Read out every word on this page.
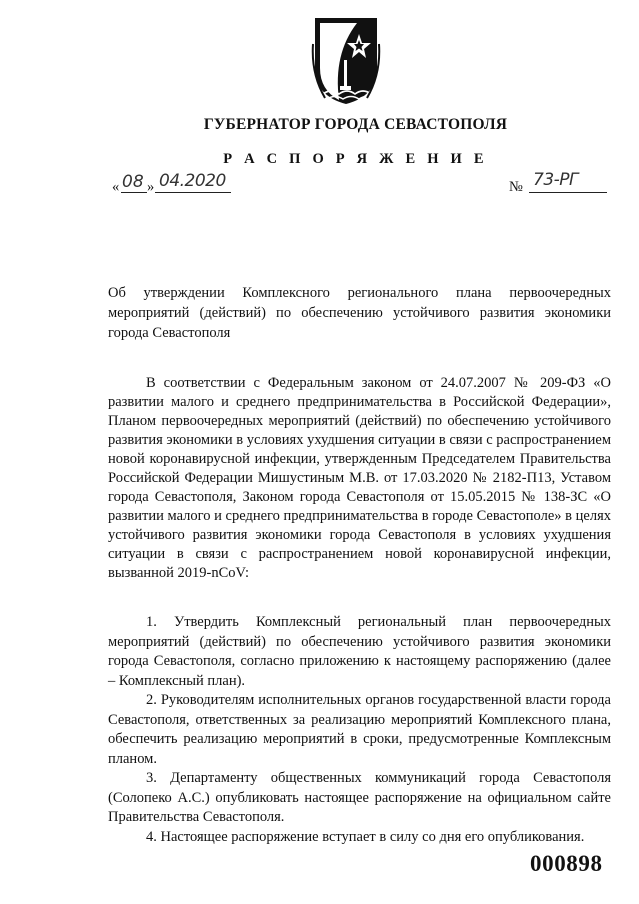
ГУБЕРНАТОР ГОРОДА СЕВАСТОПОЛЯ
Р А С П О Р Я Ж Е Н И Е
« 08 » 04.2020	№ 73-РГ
Об утверждении Комплексного регионального плана первоочередных мероприятий (действий) по обеспечению устойчивого развития экономики города Севастополя
В соответствии с Федеральным законом от 24.07.2007 № 209-ФЗ «О развитии малого и среднего предпринимательства в Российской Федерации», Планом первоочередных мероприятий (действий) по обеспечению устойчивого развития экономики в условиях ухудшения ситуации в связи с распространением новой коронавирусной инфекции, утвержденным Председателем Правительства Российской Федерации Мишустиным М.В. от 17.03.2020 № 2182-П13, Уставом города Севастополя, Законом города Севастополя от 15.05.2015 № 138-ЗС «О развитии малого и среднего предпринимательства в городе Севастополе» в целях устойчивого развития экономики города Севастополя в условиях ухудшения ситуации в связи с распространением новой коронавирусной инфекции, вызванной 2019-nCoV:

1. Утвердить Комплексный региональный план первоочередных мероприятий (действий) по обеспечению устойчивого развития экономики города Севастополя, согласно приложению к настоящему распоряжению (далее – Комплексный план).

2. Руководителям исполнительных органов государственной власти города Севастополя, ответственных за реализацию мероприятий Комплексного плана, обеспечить реализацию мероприятий в сроки, предусмотренные Комплексным планом.

3. Департаменту общественных коммуникаций города Севастополя (Солопеко А.С.) опубликовать настоящее распоряжение на официальном сайте Правительства Севастополя.

4. Настоящее распоряжение вступает в силу со дня его опубликования.

000898
